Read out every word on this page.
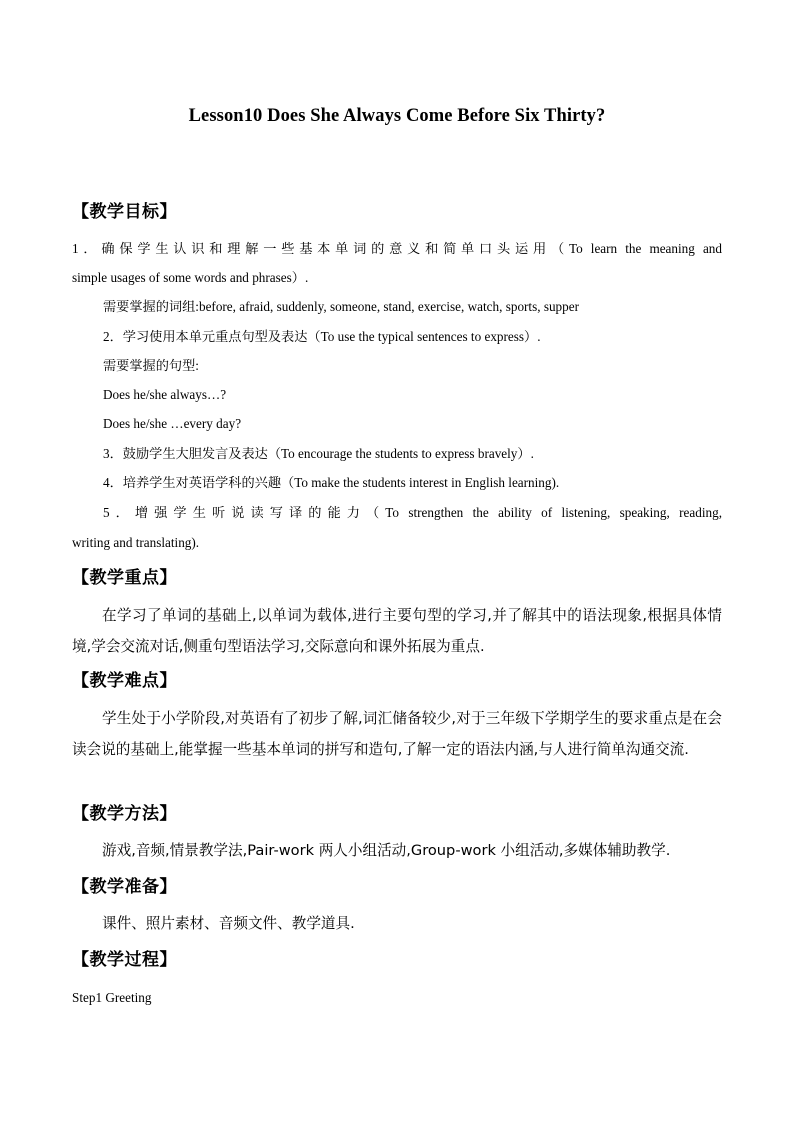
Lesson10 Does She Always Come Before Six Thirty?
【教学目标】
1．确保学生认识和理解一些基本单词的意义和简单口头运用（To learn the meaning and
simple usages of some words and phrases）.
需要掌握的词组:before, afraid, suddenly, someone, stand, exercise, watch, sports, supper
2．学习使用本单元重点句型及表达（To use the typical sentences to express）.
需要掌握的句型:
Does he/she always…?
Does he/she …every day?
3．鼓励学生大胆发言及表达（To encourage the students to express bravely）.
4．培养学生对英语学科的兴趣（To make the students interest in English learning).
5．增强学生听说读写译的能力（To strengthen the ability of listening, speaking, reading,
writing and translating).
【教学重点】
在学习了单词的基础上,以单词为载体,进行主要句型的学习,并了解其中的语法现象,根据具体情境,学会交流对话,侧重句型语法学习,交际意向和课外拓展为重点.
【教学难点】
学生处于小学阶段,对英语有了初步了解,词汇储备较少,对于三年级下学期学生的要求重点是在会读会说的基础上,能掌握一些基本单词的拼写和造句,了解一定的语法内涵,与人进行简单沟通交流.
【教学方法】
游戏,音频,情景教学法,Pair-work 两人小组活动,Group-work 小组活动,多媒体辅助教学.
【教学准备】
课件、照片素材、音频文件、教学道具.
【教学过程】
Step1 Greeting
